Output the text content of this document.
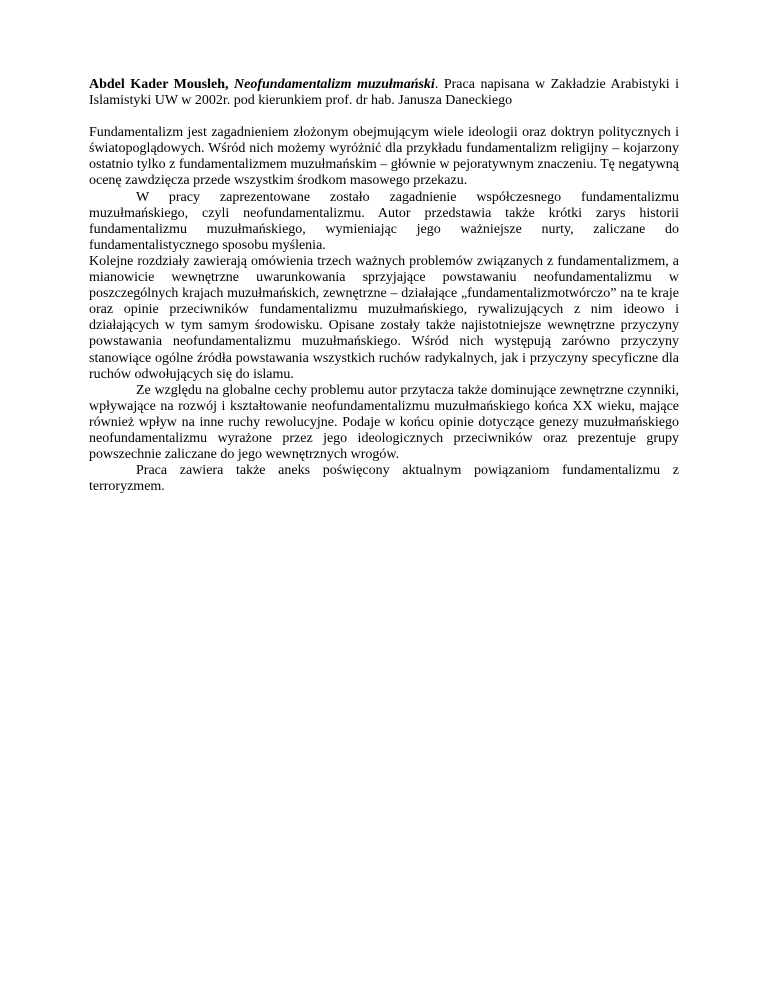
Abdel Kader Mousleh, Neofundamentalizm muzułmański. Praca napisana w Zakładzie Arabistyki i Islamistyki UW w 2002r. pod kierunkiem prof. dr hab. Janusza Daneckiego

Fundamentalizm jest zagadnieniem złożonym obejmującym wiele ideologii oraz doktryn politycznych i światopoglądowych. Wśród nich możemy wyróżnić dla przykładu fundamentalizm religijny – kojarzony ostatnio tylko z fundamentalizmem muzułmańskim – głównie w pejoratywnym znaczeniu. Tę negatywną ocenę zawdzięcza przede wszystkim środkom masowego przekazu.

W pracy zaprezentowane zostało zagadnienie współczesnego fundamentalizmu muzułmańskiego, czyli neofundamentalizmu. Autor przedstawia także krótki zarys historii fundamentalizmu muzułmańskiego, wymieniając jego ważniejsze nurty, zaliczane do fundamentalistycznego sposobu myślenia.

Kolejne rozdziały zawierają omówienia trzech ważnych problemów związanych z fundamentalizmem, a mianowicie wewnętrzne uwarunkowania sprzyjające powstawaniu neofundamentalizmu w poszczególnych krajach muzułmańskich, zewnętrzne – działające „fundamentalizmotwórczo” na te kraje oraz opinie przeciwników fundamentalizmu muzułmańskiego, rywalizujących z nim ideowo i działających w tym samym środowisku. Opisane zostały także najistotniejsze wewnętrzne przyczyny powstawania neofundamentalizmu muzułmańskiego. Wśród nich występują zarówno przyczyny stanowiące ogólne źródła powstawania wszystkich ruchów radykalnych, jak i przyczyny specyficzne dla ruchów odwołujących się do islamu.

Ze względu na globalne cechy problemu autor przytacza także dominujące zewnętrzne czynniki, wpływające na rozwój i kształtowanie neofundamentalizmu muzułmańskiego końca XX wieku, mające również wpływ na inne ruchy rewolucyjne. Podaje w końcu opinie dotyczące genezy muzułmańskiego neofundamentalizmu wyrażone przez jego ideologicznych przeciwników oraz prezentuje grupy powszechnie zaliczane do jego wewnętrznych wrogów.

Praca zawiera także aneks poświęcony aktualnym powiązaniom fundamentalizmu z terroryzmem.
